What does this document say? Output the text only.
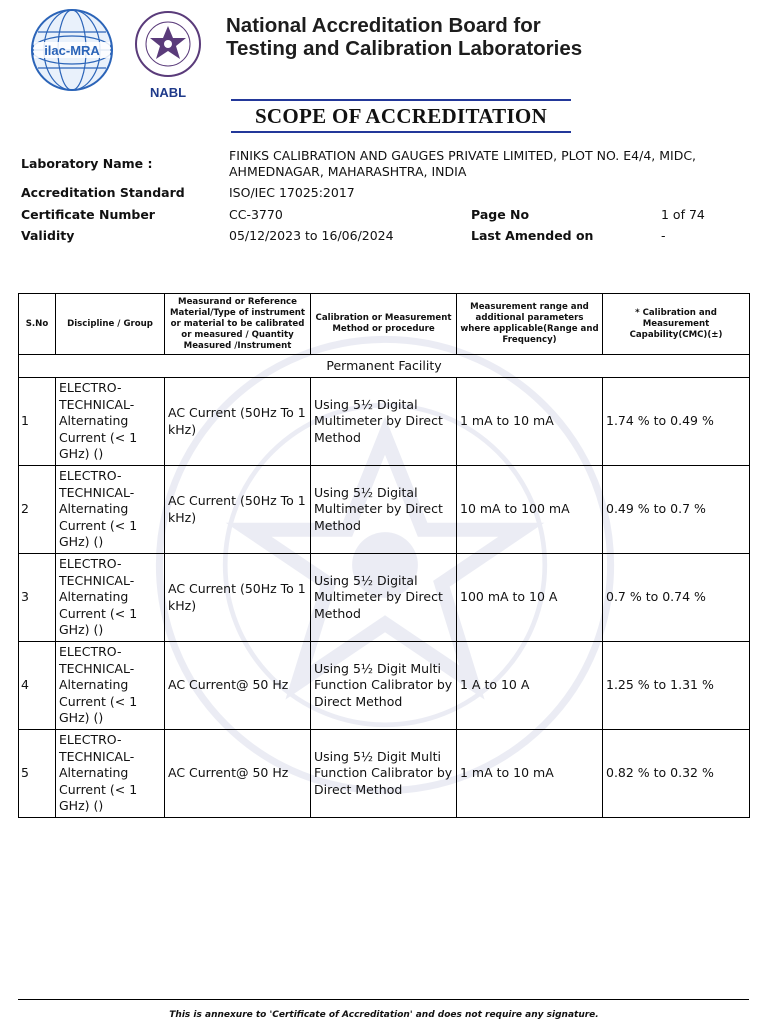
ilac-MRA
NABL
National Accreditation Board for
Testing and Calibration Laboratories
SCOPE OF ACCREDITATION
Laboratory Name :
FINIKS CALIBRATION AND GAUGES PRIVATE LIMITED, PLOT NO. E4/4, MIDC,
AHMEDNAGAR, MAHARASHTRA, INDIA
Accreditation Standard	ISO/IEC 17025:2017
Certificate Number	CC-3770	Page No	1 of 74
Validity	05/12/2023 to 16/06/2024	Last Amended on	-
S.No	Discipline / Group	Measurand or Reference Material/Type of instrument or material to be calibrated or measured / Quantity Measured /Instrument	Calibration or Measurement Method or procedure	Measurement range and additional parameters where applicable(Range and Frequency)	* Calibration and Measurement Capability(CMC)(±)
Permanent Facility					
1	ELECTRO-TECHNICAL-Alternating Current (< 1 GHz) ()	AC Current (50Hz To 1 kHz)	Using 5½ Digital Multimeter by Direct Method	1 mA to 10 mA	1.74 % to 0.49 %
2	ELECTRO-TECHNICAL-Alternating Current (< 1 GHz) ()	AC Current (50Hz To 1 kHz)	Using 5½ Digital Multimeter by Direct Method	10 mA to 100 mA	0.49 % to 0.7 %
3	ELECTRO-TECHNICAL-Alternating Current (< 1 GHz) ()	AC Current (50Hz To 1 kHz)	Using 5½ Digital Multimeter by Direct Method	100 mA to 10 A	0.7 % to 0.74 %
4	ELECTRO-TECHNICAL-Alternating Current (< 1 GHz) ()	AC Current@ 50 Hz	Using 5½ Digit Multi Function Calibrator by Direct Method	1 A to 10 A	1.25 % to 1.31 %
5	ELECTRO-TECHNICAL-Alternating Current (< 1 GHz) ()	AC Current@ 50 Hz	Using 5½ Digit Multi Function Calibrator by Direct Method	1 mA to 10 mA	0.82 % to 0.32 %
This is annexure to 'Certificate of Accreditation' and does not require any signature.
